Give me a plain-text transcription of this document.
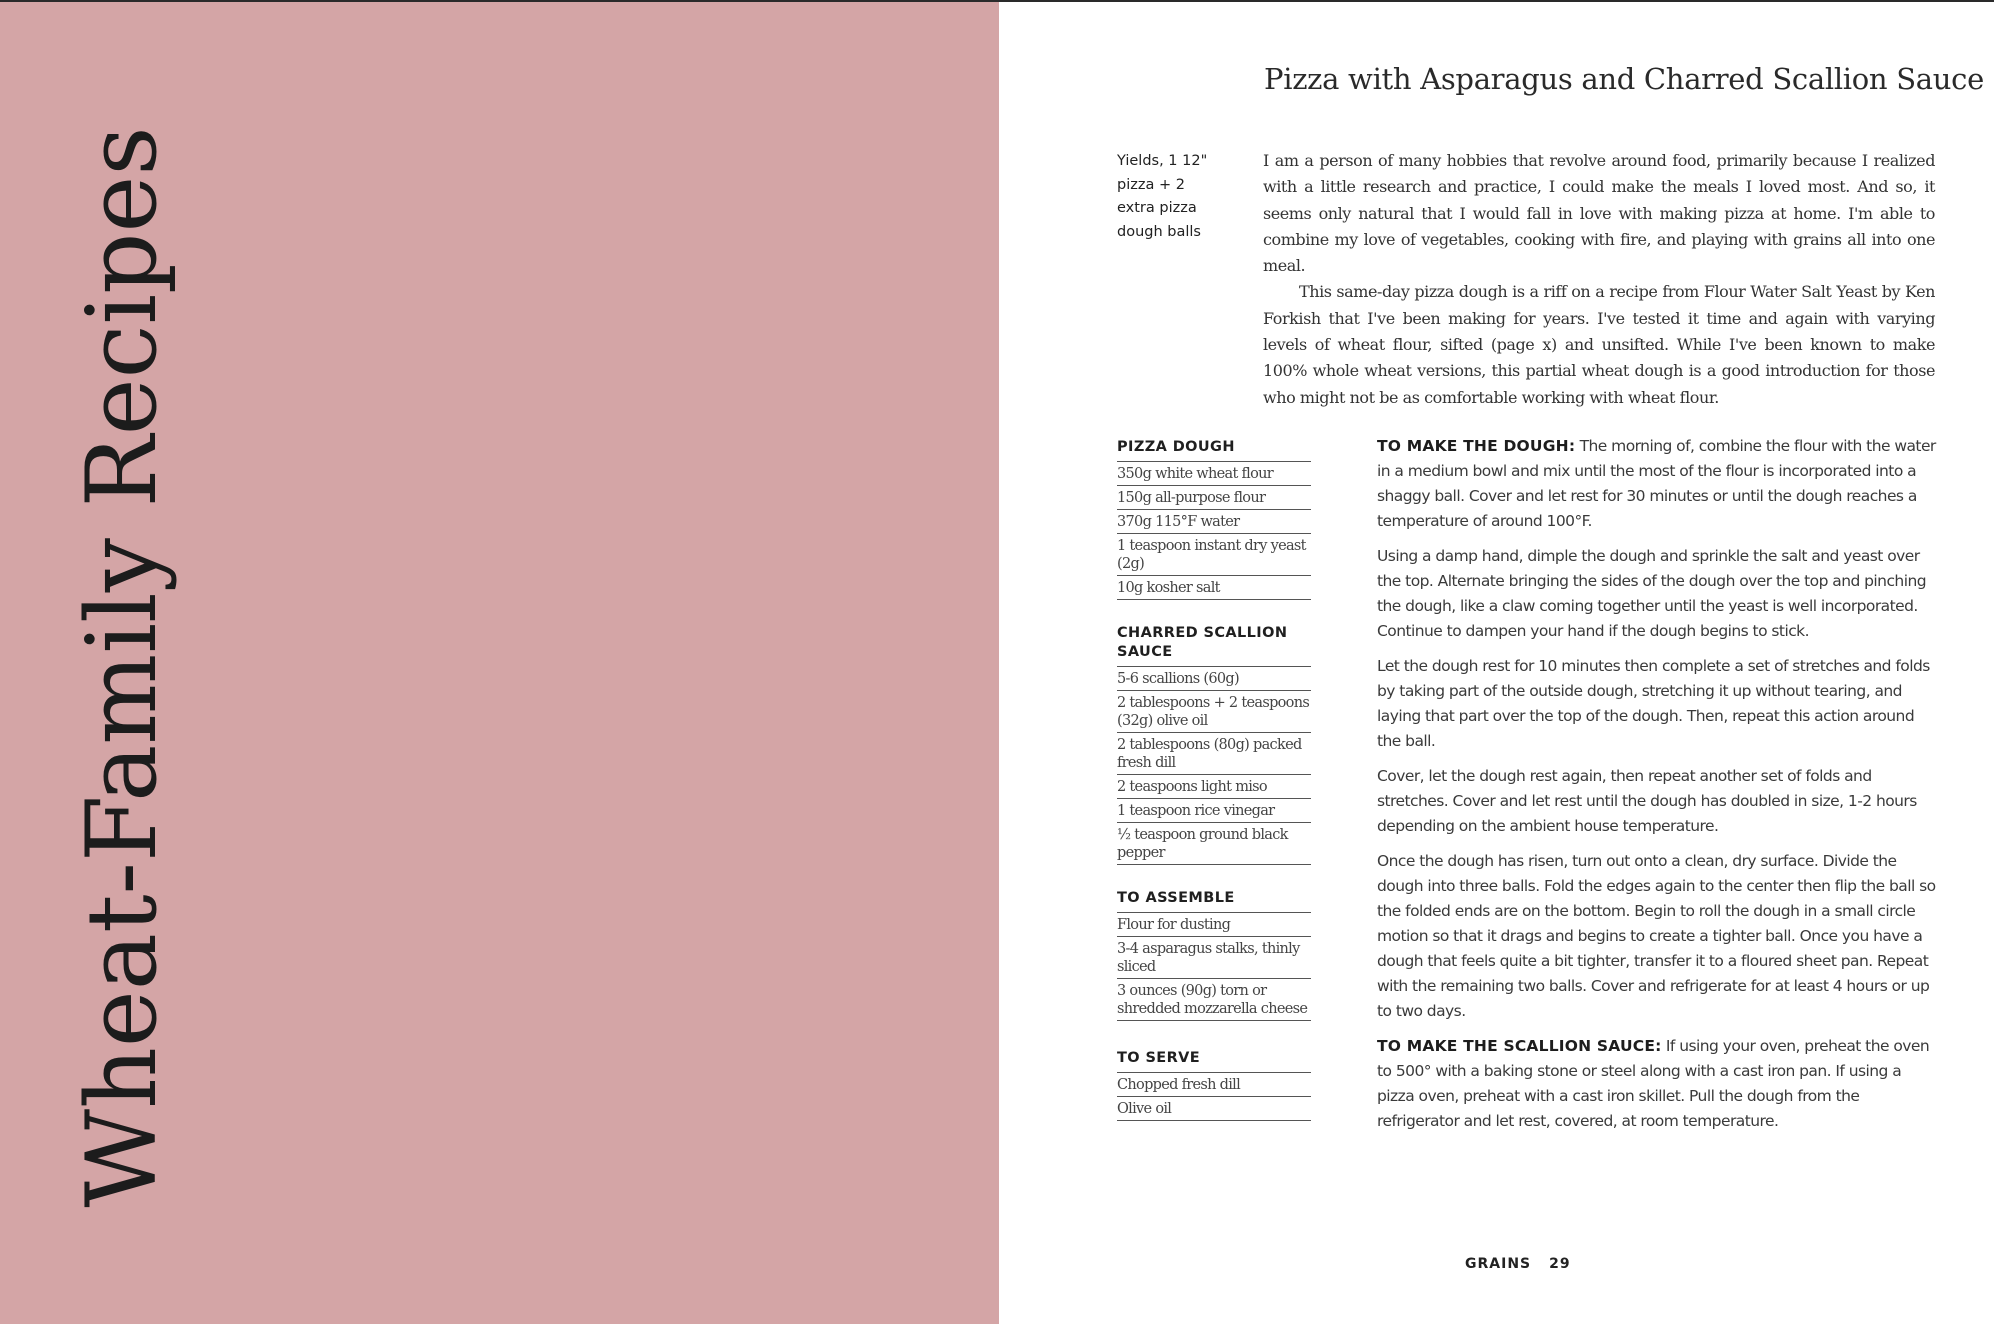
Wheat-Family Recipes
Pizza with Asparagus and Charred Scallion Sauce
Yields, 1 12" pizza + 2 extra pizza dough balls

I am a person of many hobbies that revolve around food, primarily because I realized with a little research and practice, I could make the meals I loved most. And so, it seems only natural that I would fall in love with making pizza at home. I'm able to combine my love of vegetables, cooking with fire, and playing with grains all into one meal.

This same-day pizza dough is a riff on a recipe from Flour Water Salt Yeast by Ken Forkish that I've been making for years. I've tested it time and again with varying levels of wheat flour, sifted (page x) and unsifted. While I've been known to make 100% whole wheat versions, this partial wheat dough is a good introduction for those who might not be as comfortable working with wheat flour.

PIZZA DOUGH
350g white wheat flour
150g all-purpose flour
370g 115°F water
1 teaspoon instant dry yeast (2g)
10g kosher salt
CHARRED SCALLION SAUCE
5-6 scallions (60g)
2 tablespoons + 2 teaspoons (32g) olive oil
2 tablespoons (80g) packed fresh dill
2 teaspoons light miso
1 teaspoon rice vinegar
½ teaspoon ground black pepper
TO ASSEMBLE
Flour for dusting
3-4 asparagus stalks, thinly sliced
3 ounces (90g) torn or shredded mozzarella cheese
TO SERVE
Chopped fresh dill
Olive oil

TO MAKE THE DOUGH: The morning of, combine the flour with the water in a medium bowl and mix until the most of the flour is incorporated into a shaggy ball. Cover and let rest for 30 minutes or until the dough reaches a temperature of around 100°F.

Using a damp hand, dimple the dough and sprinkle the salt and yeast over the top. Alternate bringing the sides of the dough over the top and pinching the dough, like a claw coming together until the yeast is well incorporated. Continue to dampen your hand if the dough begins to stick.

Let the dough rest for 10 minutes then complete a set of stretches and folds by taking part of the outside dough, stretching it up without tearing, and laying that part over the top of the dough. Then, repeat this action around the ball.

Cover, let the dough rest again, then repeat another set of folds and stretches. Cover and let rest until the dough has doubled in size, 1-2 hours depending on the ambient house temperature.

Once the dough has risen, turn out onto a clean, dry surface. Divide the dough into three balls. Fold the edges again to the center then flip the ball so the folded ends are on the bottom. Begin to roll the dough in a small circle motion so that it drags and begins to create a tighter ball. Once you have a dough that feels quite a bit tighter, transfer it to a floured sheet pan. Repeat with the remaining two balls. Cover and refrigerate for at least 4 hours or up to two days.

TO MAKE THE SCALLION SAUCE: If using your oven, preheat the oven to 500° with a baking stone or steel along with a cast iron pan. If using a pizza oven, preheat with a cast iron skillet. Pull the dough from the refrigerator and let rest, covered, at room temperature.

GRAINS 29
